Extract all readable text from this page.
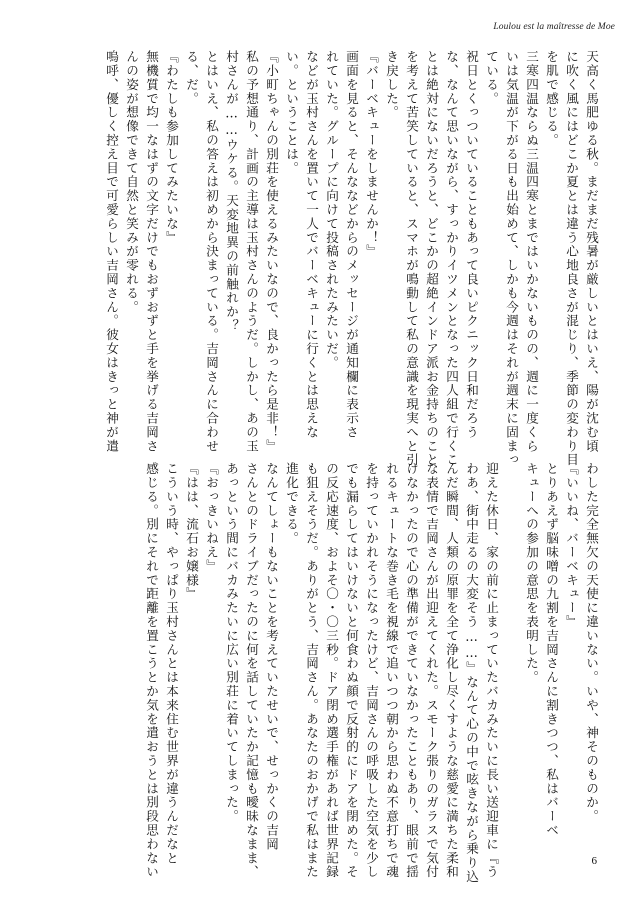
Loulou est la maîtresse de Moe

天高く馬肥ゆる秋。まだまだ残暑が厳しいとはいえ、陽が沈む頃

に吹く風にはどこか夏とは違う心地良さが混じり、季節の変わり目

を肌で感じる。

三寒四温ならぬ三温四寒とまではいかないものの、週に一度くら

いは気温が下がる日も出始めて、しかも今週はそれが週末に固まっ

ている。

祝日とくっついていることもあって良いピクニック日和だろう

な、なんて思いながら、すっかりイツメンとなった四人組で行くこ

とは絶対にないだろうと、どこかの超絶インドア派お金持ちのこと

を考えて苦笑していると、スマホが鳴動して私の意識を現実へと引

き戻した。

『バーベキューをしませんか！』

画面を見ると、そんななどからのメッセージが通知欄に表示さ

れていた。グループに向けて投稿されたみたいだ。

などが玉村さんを置いて一人でバーベキューに行くとは思えな

い。ということは。

『小町ちゃんの別荘を使えるみたいなので、良かったら是非！』

私の予想通り、計画の主導は玉村さんのようだ。しかし、あの玉

村さんが……ウケる。天変地異の前触れか？

とはいえ、私の答えは初めから決まっている。吉岡さんに合わせ

る、だ。

『わたしも参加してみたいな』

無機質で均一なはずの文字だけでもおずおずと手を挙げる吉岡さ

んの姿が想像できて自然と笑みが零れる。

嗚呼、優しく控え目で可愛らしい吉岡さん。彼女はきっと神が遣

わした完全無欠の天使に違いない。いや、神そのものか。

『いいね、バーベキュー』

とりあえず脳味噌の九割を吉岡さんに割きつつ、私はバーベ

キューへの参加の意思を表明した。

迎えた休日、家の前に止まっていたバカみたいに長い送迎車に『う

わあ、街中走るの大変そう……』なんて心の中で呟きながら乗り込

んだ瞬間、人類の原罪を全て浄化し尽くすような慈愛に満ちた柔和

な表情で吉岡さんが出迎えてくれた。スモーク張りのガラスで気付

けなかったので心の準備ができていなかったこともあり、眼前で揺

れるキュートな巻き毛を視線で追いつつ朝から思わぬ不意打ちで魂

を持っていかれそうになったけど、吉岡さんの呼吸した空気を少し

でも漏らしてはいけないと何食わぬ顔で反射的にドアを閉めた。そ

の反応速度、およそ〇・〇三秒。ドア閉め選手権があれば世界記録

も狙えそうだ。ありがとう、吉岡さん。あなたのおかげで私はまた

進化できる。

なんてしょーもないことを考えていたせいで、せっかくの吉岡

さんとのドライブだったのに何を話していたか記憶も曖昧なまま、

あっという間にバカみたいに広い別荘に着いてしまった。

『おっきいねえ』

『はは、流石お嬢様』

こういう時、やっぱり玉村さんとは本来住む世界が違うんだなと

感じる。別にそれで距離を置こうとか気を遣おうとは別段思わない	6
